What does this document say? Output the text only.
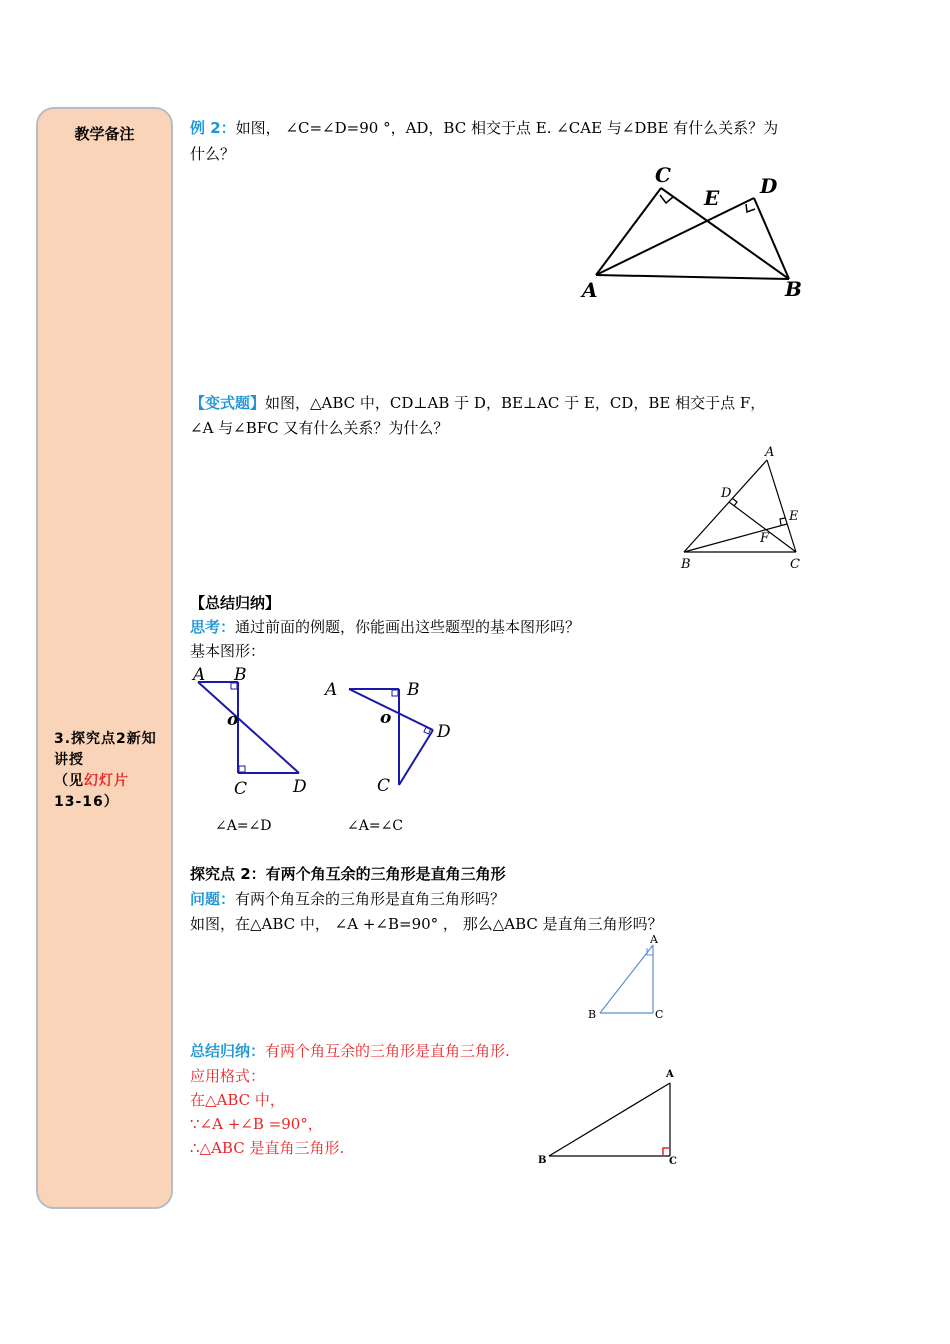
教学备注
3.探究点2新知讲授
（见幻灯片
13-16）
例 2：如图， ∠C=∠D=90 °，AD，BC 相交于点 E. ∠CAE 与∠DBE 有什么关系？为
什么？
C
E D
A	B
【变式题】如图，△ABC 中，CD⊥AB 于 D，BE⊥AC 于 E，CD，BE 相交于点 F，
∠A 与∠BFC 又有什么关系？为什么？
A
D
E
F
B	C
【总结归纳】
思考：通过前面的例题，你能画出这些题型的基本图形吗？
基本图形：
A B
o
C	D
A	B
o
D
C
∠A=∠D	∠A=∠C
探究点 2：有两个角互余的三角形是直角三角形
问题：有两个角互余的三角形是直角三角形吗？
如图，在△ABC 中， ∠A +∠B=90° ， 那么△ABC 是直角三角形吗？
A
B	C
总结归纳：有两个角互余的三角形是直角三角形.
应用格式：
在△ABC 中，
∵∠A +∠B =90°，
∴△ABC 是直角三角形.
A
B	C
